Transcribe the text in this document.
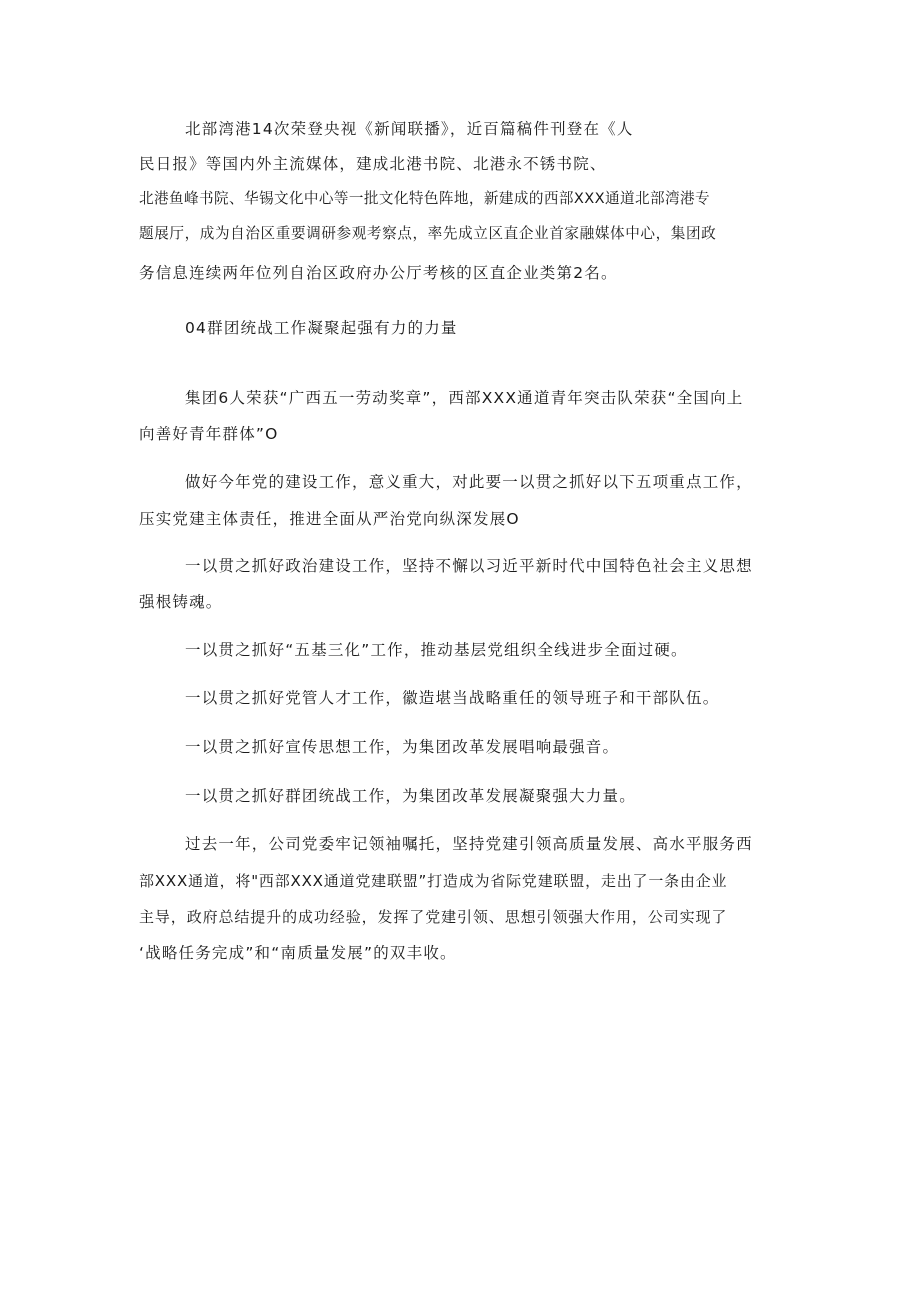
北部湾港14次荣登央视《新闻联播》，近百篇稿件刊登在《人
民日报》等国内外主流媒体，建成北港书院、北港永不锈书院、
北港鱼峰书院、华锡文化中心等一批文化特色阵地，新建成的西部XXX通道北部湾港专
题展厅，成为自治区重要调研参观考察点，率先成立区直企业首家融媒体中心，集团政
务信息连续两年位列自治区政府办公厅考核的区直企业类第2名。
04群团统战工作凝聚起强有力的力量
集团6人荣获“广西五一劳动奖章”，西部XXX通道青年突击队荣获“全国向上
向善好青年群体”O
做好今年党的建设工作，意义重大，对此要一以贯之抓好以下五项重点工作，
压实党建主体责任，推进全面从严治党向纵深发展O
一以贯之抓好政治建设工作，坚持不懈以习近平新时代中国特色社会主义思想
强根铸魂。
一以贯之抓好“五基三化”工作，推动基层党组织全线进步全面过硬。
一以贯之抓好党管人才工作，徽造堪当战略重任的领导班子和干部队伍。
一以贯之抓好宣传思想工作，为集团改革发展唱响最强音。
一以贯之抓好群团统战工作，为集团改革发展凝聚强大力量。
过去一年，公司党委牢记领袖嘱托，坚持党建引领高质量发展、高水平服务西
部XXX通道，将"西部XXX通道党建联盟”打造成为省际党建联盟，走出了一条由企业
主导，政府总结提升的成功经验，发挥了党建引领、思想引领强大作用，公司实现了
‘战略任务完成”和“南质量发展”的双丰收。
